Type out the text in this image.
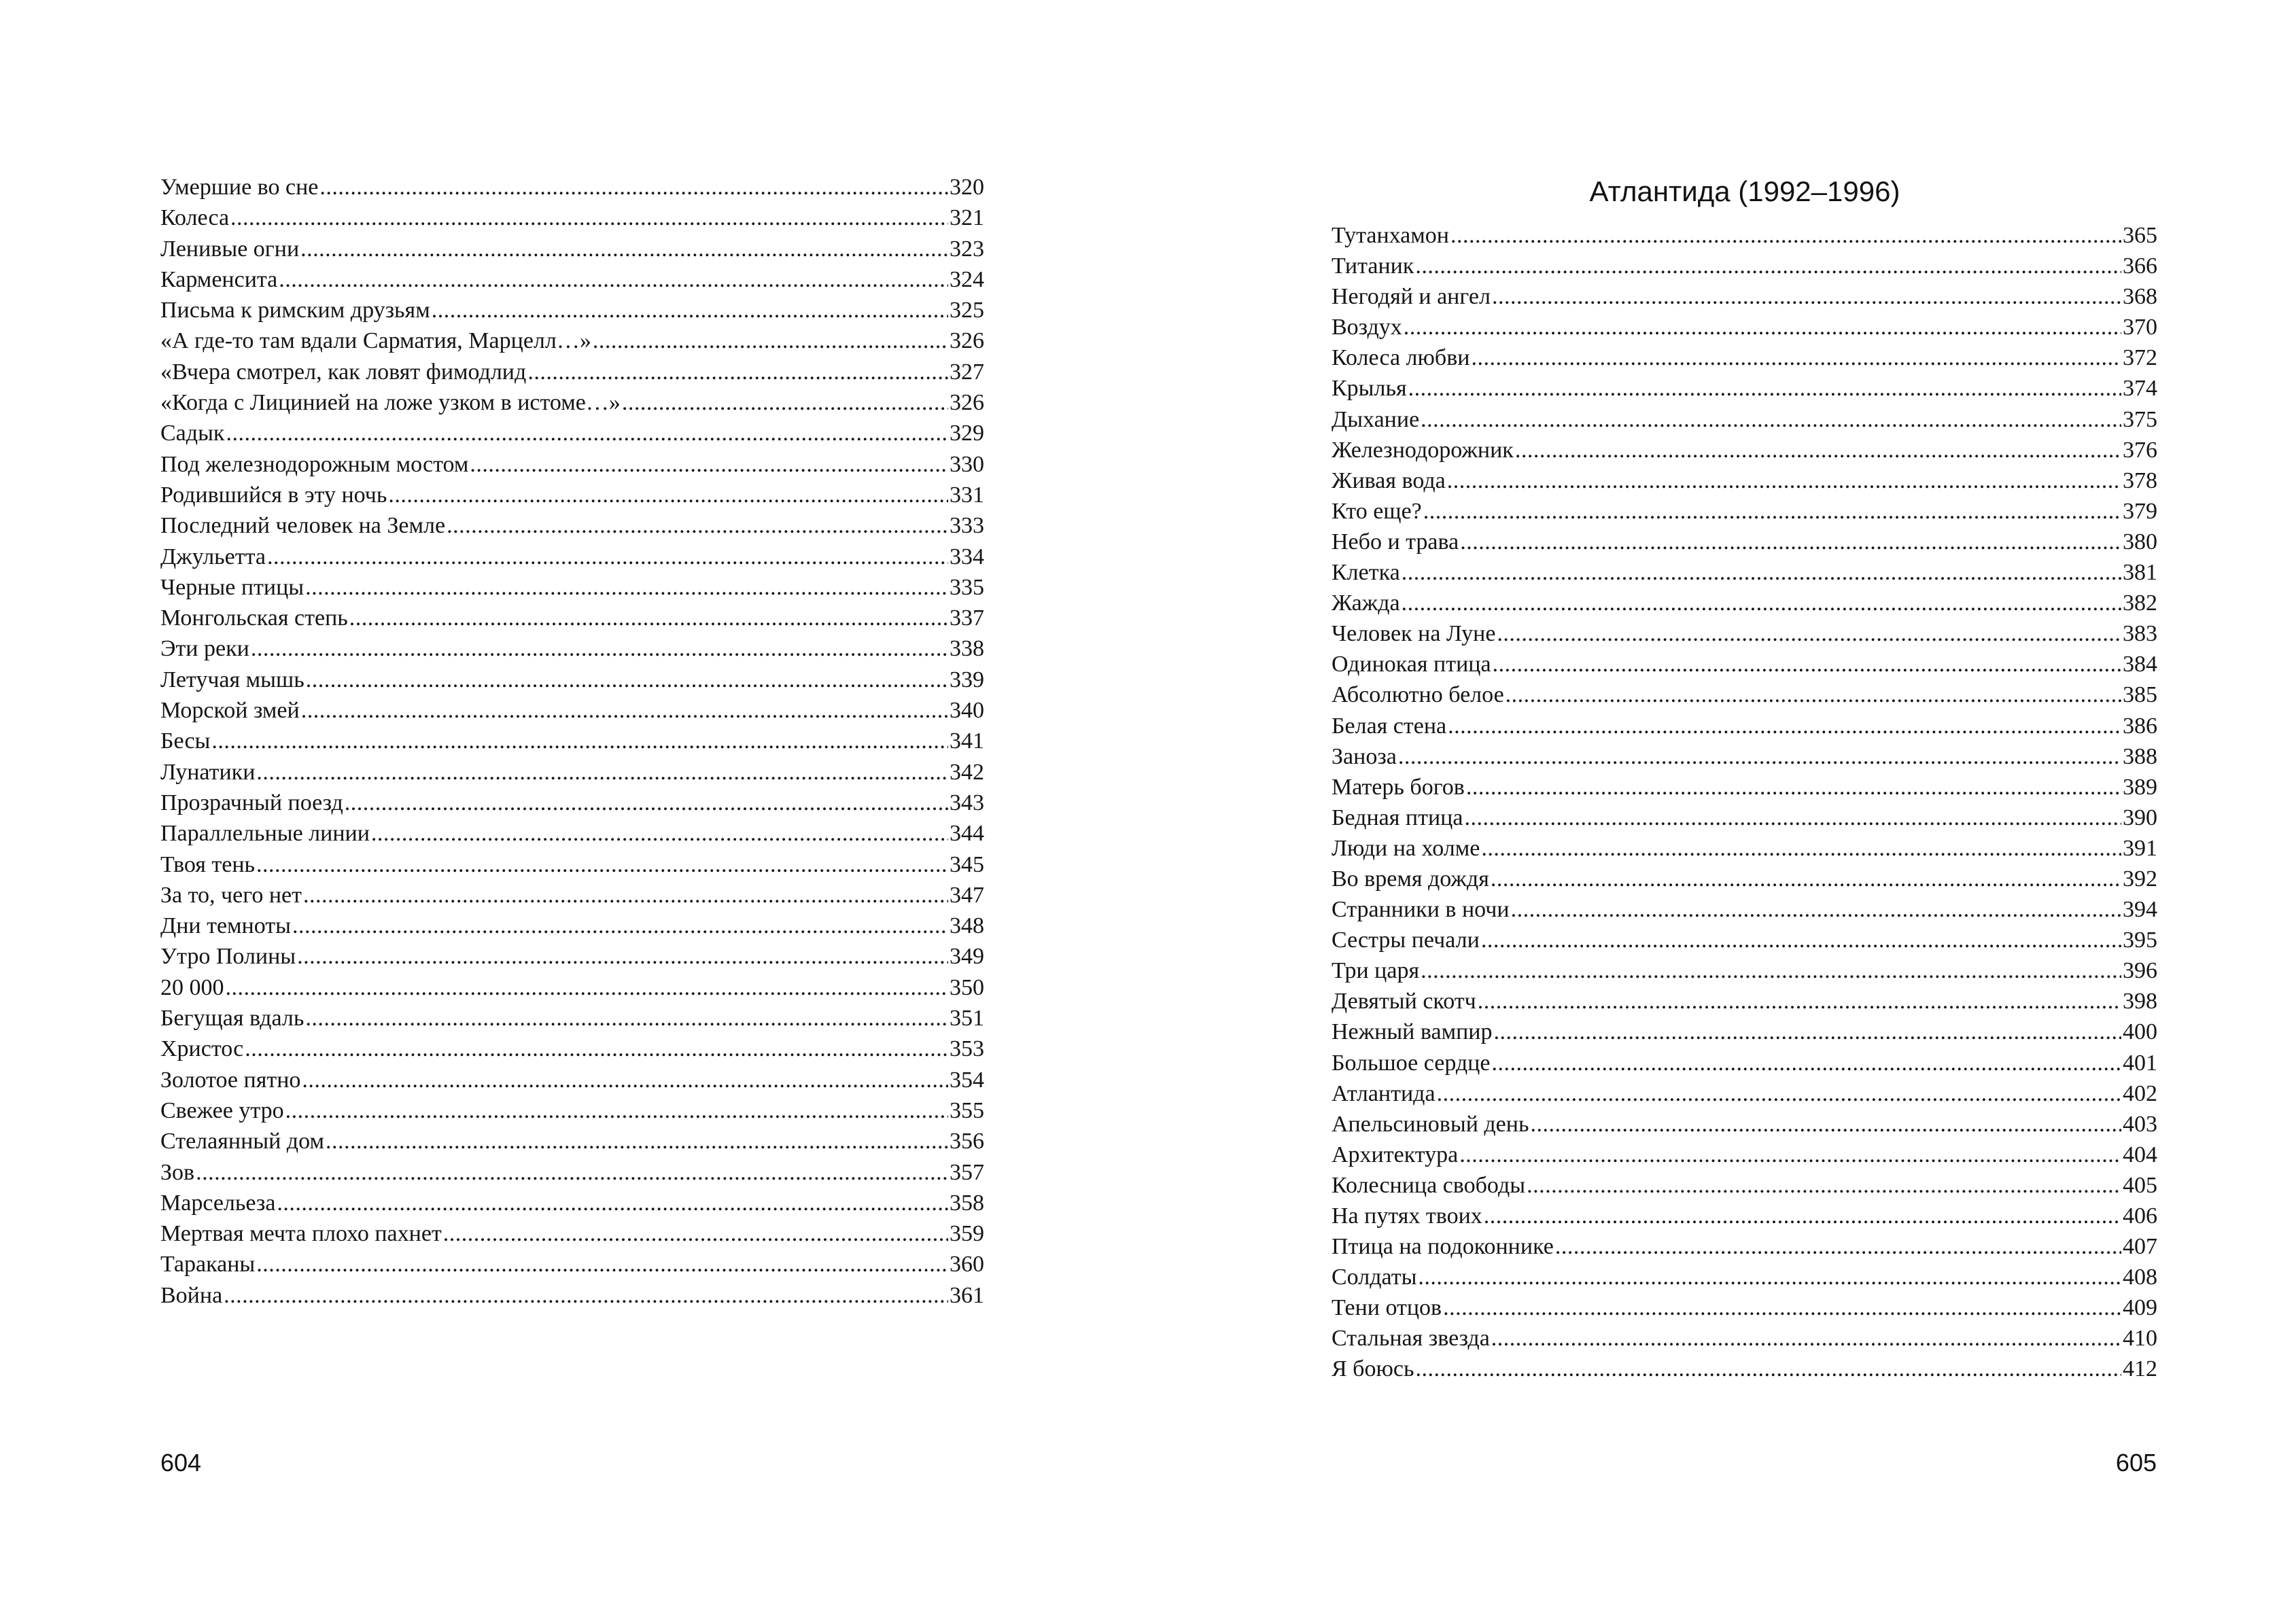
Умершие во сне .....	320
Колеса .....	321
Ленивые огни .....	323
Карменсита .....	324
Письма к римским друзьям .....	325
«А где-то там вдали Сарматия, Марцелл…» .....	326
«Вчера смотрел, как ловят фимодлид .....	327
«Когда с Лицинией на ложе узком в истоме…» .....	326
Садык .....	329
Под железнодорожным мостом .....	330
Родившийся в эту ночь .....	331
Последний человек на Земле .....	333
Джульетта .....	334
Черные птицы .....	335
Монгольская степь .....	337
Эти реки .....	338
Летучая мышь .....	339
Морской змей .....	340
Бесы .....	341
Лунатики .....	342
Прозрачный поезд .....	343
Параллельные линии .....	344
Твоя тень .....	345
За то, чего нет .....	347
Дни темноты .....	348
Утро Полины .....	349
20 000 .....	350
Бегущая вдаль .....	351
Христос .....	353
Золотое пятно .....	354
Свежее утро .....	355
Стелаянный дом .....	356
Зов .....	357
Марсельеза .....	358
Мертвая мечта плохо пахнет .....	359
Тараканы .....	360
Война .....	361
604
Атлантида (1992–1996)
Тутанхамон .....	365
Титаник .....	366
Негодяй и ангел .....	368
Воздух .....	370
Колеса любви .....	372
Крылья .....	374
Дыхание .....	375
Железнодорожник .....	376
Живая вода .....	378
Кто еще? .....	379
Небо и трава .....	380
Клетка .....	381
Жажда .....	382
Человек на Луне .....	383
Одинокая птица .....	384
Абсолютно белое .....	385
Белая стена .....	386
Заноза .....	388
Матерь богов .....	389
Бедная птица .....	390
Люди на холме .....	391
Во время дождя .....	392
Странники в ночи .....	394
Сестры печали .....	395
Три царя .....	396
Девятый скотч .....	398
Нежный вампир .....	400
Большое сердце .....	401
Атлантида .....	402
Апельсиновый день .....	403
Архитектура .....	404
Колесница свободы .....	405
На путях твоих .....	406
Птица на подоконнике .....	407
Солдаты .....	408
Тени отцов .....	409
Стальная звезда .....	410
Я боюсь .....	412
605
